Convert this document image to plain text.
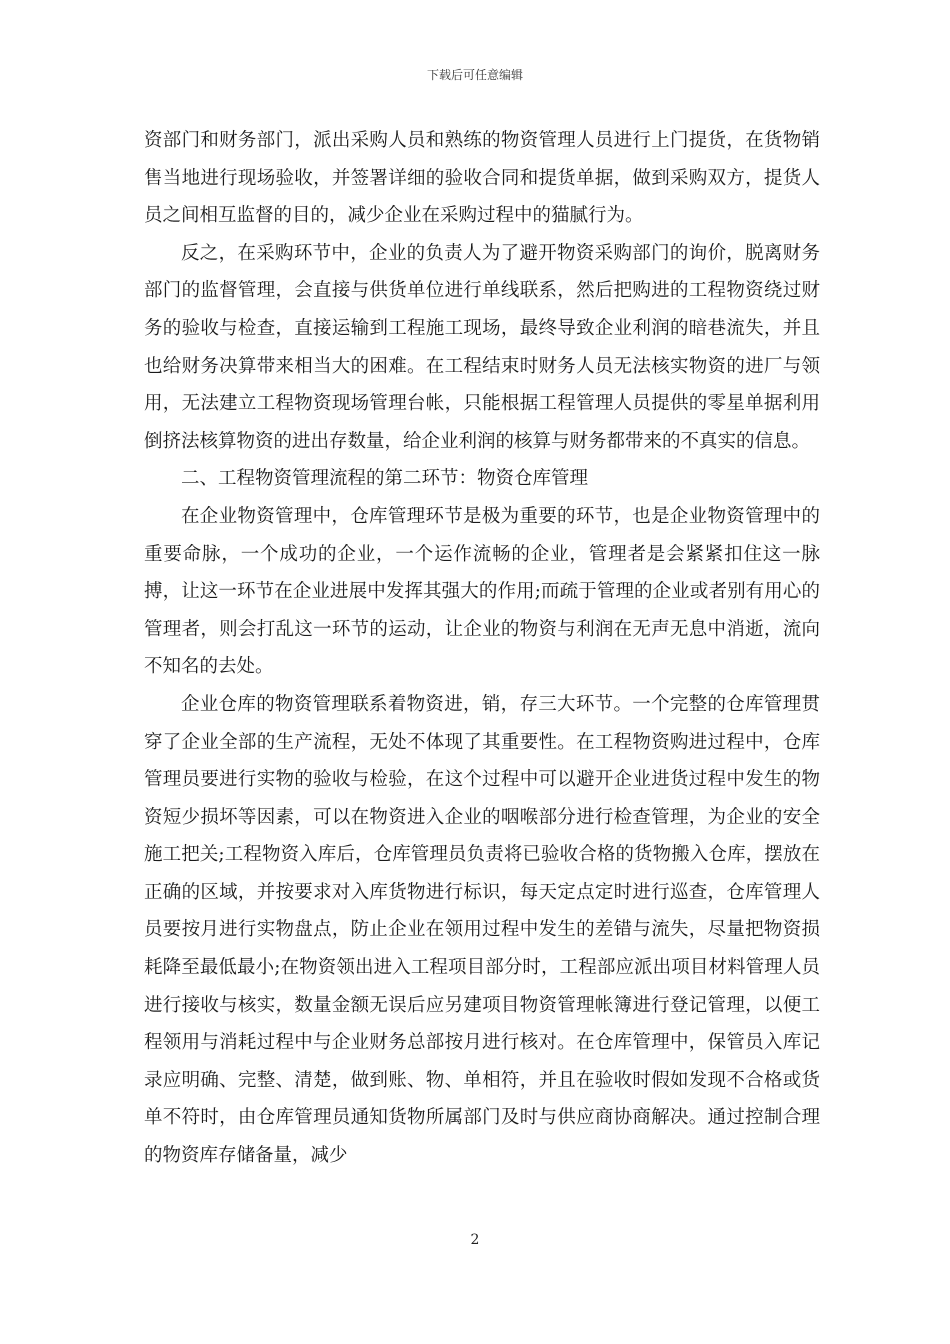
下载后可任意编辑

资部门和财务部门，派出采购人员和熟练的物资管理人员进行上门提货，在货物销售当地进行现场验收，并签署详细的验收合同和提货单据，做到采购双方，提货人员之间相互监督的目的，减少企业在采购过程中的猫腻行为。

反之，在采购环节中，企业的负责人为了避开物资采购部门的询价，脱离财务部门的监督管理，会直接与供货单位进行单线联系，然后把购进的工程物资绕过财务的验收与检查，直接运输到工程施工现场，最终导致企业利润的暗巷流失，并且也给财务决算带来相当大的困难。在工程结束时财务人员无法核实物资的进厂与领用，无法建立工程物资现场管理台帐，只能根据工程管理人员提供的零星单据利用倒挤法核算物资的进出存数量，给企业利润的核算与财务都带来的不真实的信息。

二、工程物资管理流程的第二环节：物资仓库管理

在企业物资管理中，仓库管理环节是极为重要的环节，也是企业物资管理中的重要命脉，一个成功的企业，一个运作流畅的企业，管理者是会紧紧扣住这一脉搏，让这一环节在企业进展中发挥其强大的作用;而疏于管理的企业或者别有用心的管理者，则会打乱这一环节的运动，让企业的物资与利润在无声无息中消逝，流向不知名的去处。

企业仓库的物资管理联系着物资进，销，存三大环节。一个完整的仓库管理贯穿了企业全部的生产流程，无处不体现了其重要性。在工程物资购进过程中，仓库管理员要进行实物的验收与检验，在这个过程中可以避开企业进货过程中发生的物资短少损坏等因素，可以在物资进入企业的咽喉部分进行检查管理，为企业的安全施工把关;工程物资入库后，仓库管理员负责将已验收合格的货物搬入仓库，摆放在正确的区域，并按要求对入库货物进行标识，每天定点定时进行巡查，仓库管理人员要按月进行实物盘点，防止企业在领用过程中发生的差错与流失，尽量把物资损耗降至最低最小;在物资领出进入工程项目部分时，工程部应派出项目材料管理人员进行接收与核实，数量金额无误后应另建项目物资管理帐簿进行登记管理，以便工程领用与消耗过程中与企业财务总部按月进行核对。在仓库管理中，保管员入库记录应明确、完整、清楚，做到账、物、单相符，并且在验收时假如发现不合格或货单不符时，由仓库管理员通知货物所属部门及时与供应商协商解决。通过控制合理的物资库存储备量，减少

2
